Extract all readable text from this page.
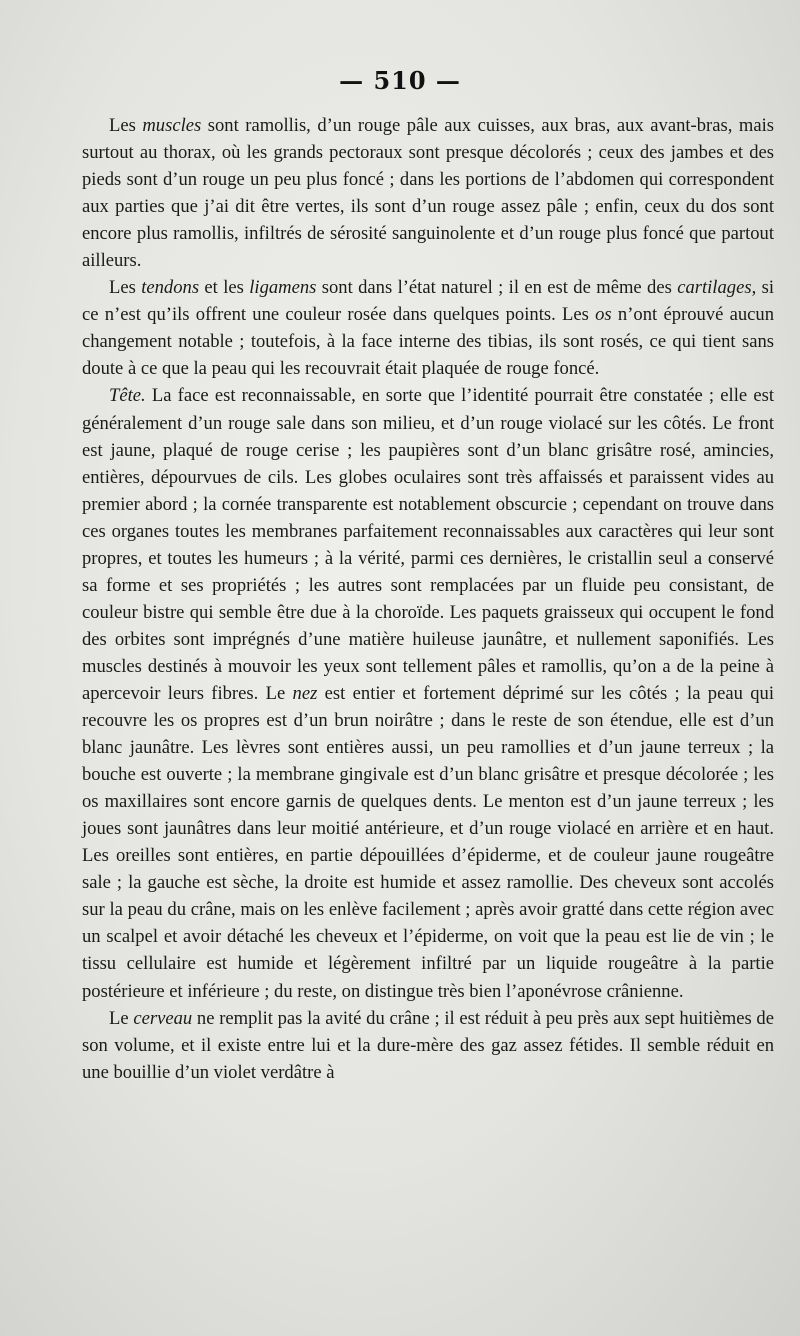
— 510 —

Les muscles sont ramollis, d’un rouge pâle aux cuisses, aux bras, aux avant-bras, mais surtout au thorax, où les grands pectoraux sont presque décolorés ; ceux des jambes et des pieds sont d’un rouge un peu plus foncé ; dans les portions de l’abdomen qui correspondent aux parties que j’ai dit être vertes, ils sont d’un rouge assez pâle ; enfin, ceux du dos sont encore plus ramollis, infiltrés de sérosité sanguinolente et d’un rouge plus foncé que partout ailleurs.

Les tendons et les ligamens sont dans l’état naturel ; il en est de même des cartilages, si ce n’est qu’ils offrent une couleur rosée dans quelques points. Les os n’ont éprouvé aucun changement notable ; toutefois, à la face interne des tibias, ils sont rosés, ce qui tient sans doute à ce que la peau qui les recouvrait était plaquée de rouge foncé.

Tête. La face est reconnaissable, en sorte que l’identité pourrait être constatée ; elle est généralement d’un rouge sale dans son milieu, et d’un rouge violacé sur les côtés. Le front est jaune, plaqué de rouge cerise ; les paupières sont d’un blanc grisâtre rosé, amincies, entières, dépourvues de cils. Les globes oculaires sont très affaissés et paraissent vides au premier abord ; la cornée transparente est notablement obscurcie ; cependant on trouve dans ces organes toutes les membranes parfaitement reconnaissables aux caractères qui leur sont propres, et toutes les humeurs ; à la vérité, parmi ces dernières, le cristallin seul a conservé sa forme et ses propriétés ; les autres sont remplacées par un fluide peu consistant, de couleur bistre qui semble être due à la choroïde. Les paquets graisseux qui occupent le fond des orbites sont imprégnés d’une matière huileuse jaunâtre, et nullement saponifiés. Les muscles destinés à mouvoir les yeux sont tellement pâles et ramollis, qu’on a de la peine à apercevoir leurs fibres. Le nez est entier et fortement déprimé sur les côtés ; la peau qui recouvre les os propres est d’un brun noirâtre ; dans le reste de son étendue, elle est d’un blanc jaunâtre. Les lèvres sont entières aussi, un peu ramollies et d’un jaune terreux ; la bouche est ouverte ; la membrane gingivale est d’un blanc grisâtre et presque décolorée ; les os maxillaires sont encore garnis de quelques dents. Le menton est d’un jaune terreux ; les joues sont jaunâtres dans leur moitié antérieure, et d’un rouge violacé en arrière et en haut. Les oreilles sont entières, en partie dépouillées d’épiderme, et de couleur jaune rougeâtre sale ; la gauche est sèche, la droite est humide et assez ramollie. Des cheveux sont accolés sur la peau du crâne, mais on les enlève facilement ; après avoir gratté dans cette région avec un scalpel et avoir détaché les cheveux et l’épiderme, on voit que la peau est lie de vin ; le tissu cellulaire est humide et légèrement infiltré par un liquide rougeâtre à la partie postérieure et inférieure ; du reste, on distingue très bien l’aponévrose crânienne.

Le cerveau ne remplit pas la avité du crâne ; il est réduit à peu près aux sept huitièmes de son volume, et il existe entre lui et la dure-mère des gaz assez fétides. Il semble réduit en une bouillie d’un violet verdâtre à
